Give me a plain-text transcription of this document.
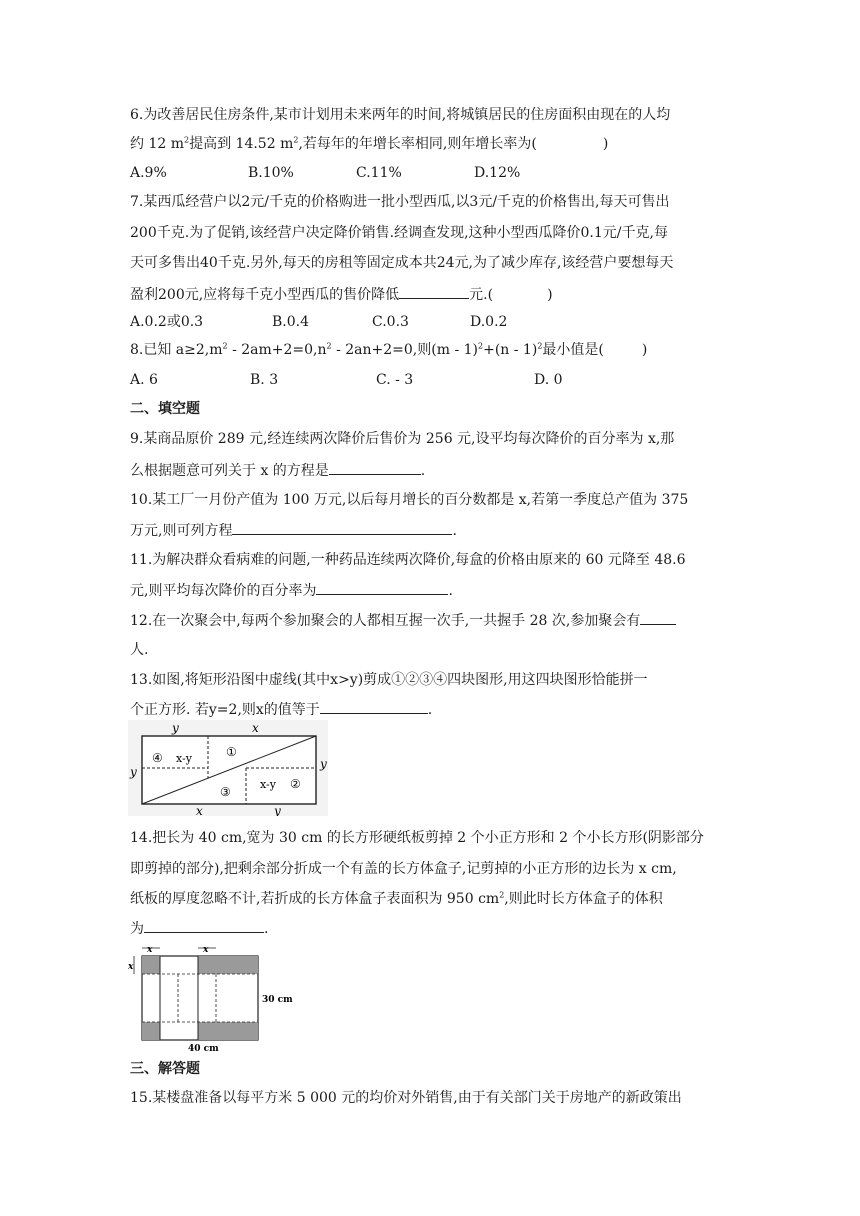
6.为改善居民住房条件,某市计划用未来两年的时间,将城镇居民的住房面积由现在的人均
约 12 $m^2$提高到 14.52 $m^2$,若每年的年增长率相同,则年增长率为(	)
A.9%	B.10%	C.11%	D.12%
7.某西瓜经营户以2元/千克的价格购进一批小型西瓜,以3元/千克的价格售出,每天可售出
200千克.为了促销,该经营户决定降价销售.经调查发现,这种小型西瓜降价0.1元/千克,每
天可多售出40千克.另外,每天的房租等固定成本共24元,为了减少库存,该经营户要想每天
盈利200元,应将每千克小型西瓜的售价降低	元.(	)
A.0.2或0.3	B.0.4	C.0.3	D.0.2
8.已知 $a\ge 2,m^2 - 2am+2=0,n^2 - 2an+2=0$,则(m - 1)$^2$+(n - 1)$^2$最小值是(	)
A. 6	B. 3	C. - 3	D. 0
二、填空题
9.某商品原价 289 元,经连续两次降价后售价为 256 元,设平均每次降价的百分率为 x,那
么根据题意可列关于 x 的方程是	.
10.某工厂一月份产值为 100 万元,以后每月增长的百分数都是 x,若第一季度总产值为 375
万元,则可列方程	.
11.为解决群众看病难的问题,一种药品连续两次降价,每盒的价格由原来的 60 元降至 48.6
元,则平均每次降价的百分率为	.
12.在一次聚会中,每两个参加聚会的人都相互握一次手,一共握手 28 次,参加聚会有
人.
13.如图,将矩形沿图中虚线(其中x>y)剪成①②③④四块图形,用这四块图形恰能拼一
个正方形. 若y=2,则x的值等于	.
y	x
y
y
x	y
④ x-y	①
x-y ②
③
14.把长为 40 cm,宽为 30 cm 的长方形硬纸板剪掉 2 个小正方形和 2 个小长方形(阴影部分
即剪掉的部分),把剩余部分折成一个有盖的长方体盒子,记剪掉的小正方形的边长为 x cm,
纸板的厚度忽略不计,若折成的长方体盒子表面积为 950 $cm^2$,则此时长方体盒子的体积
为	.
x	x
x
30 cm
40 cm
三、解答题
15.某楼盘准备以每平方米 5 000 元的均价对外销售,由于有关部门关于房地产的新政策出
